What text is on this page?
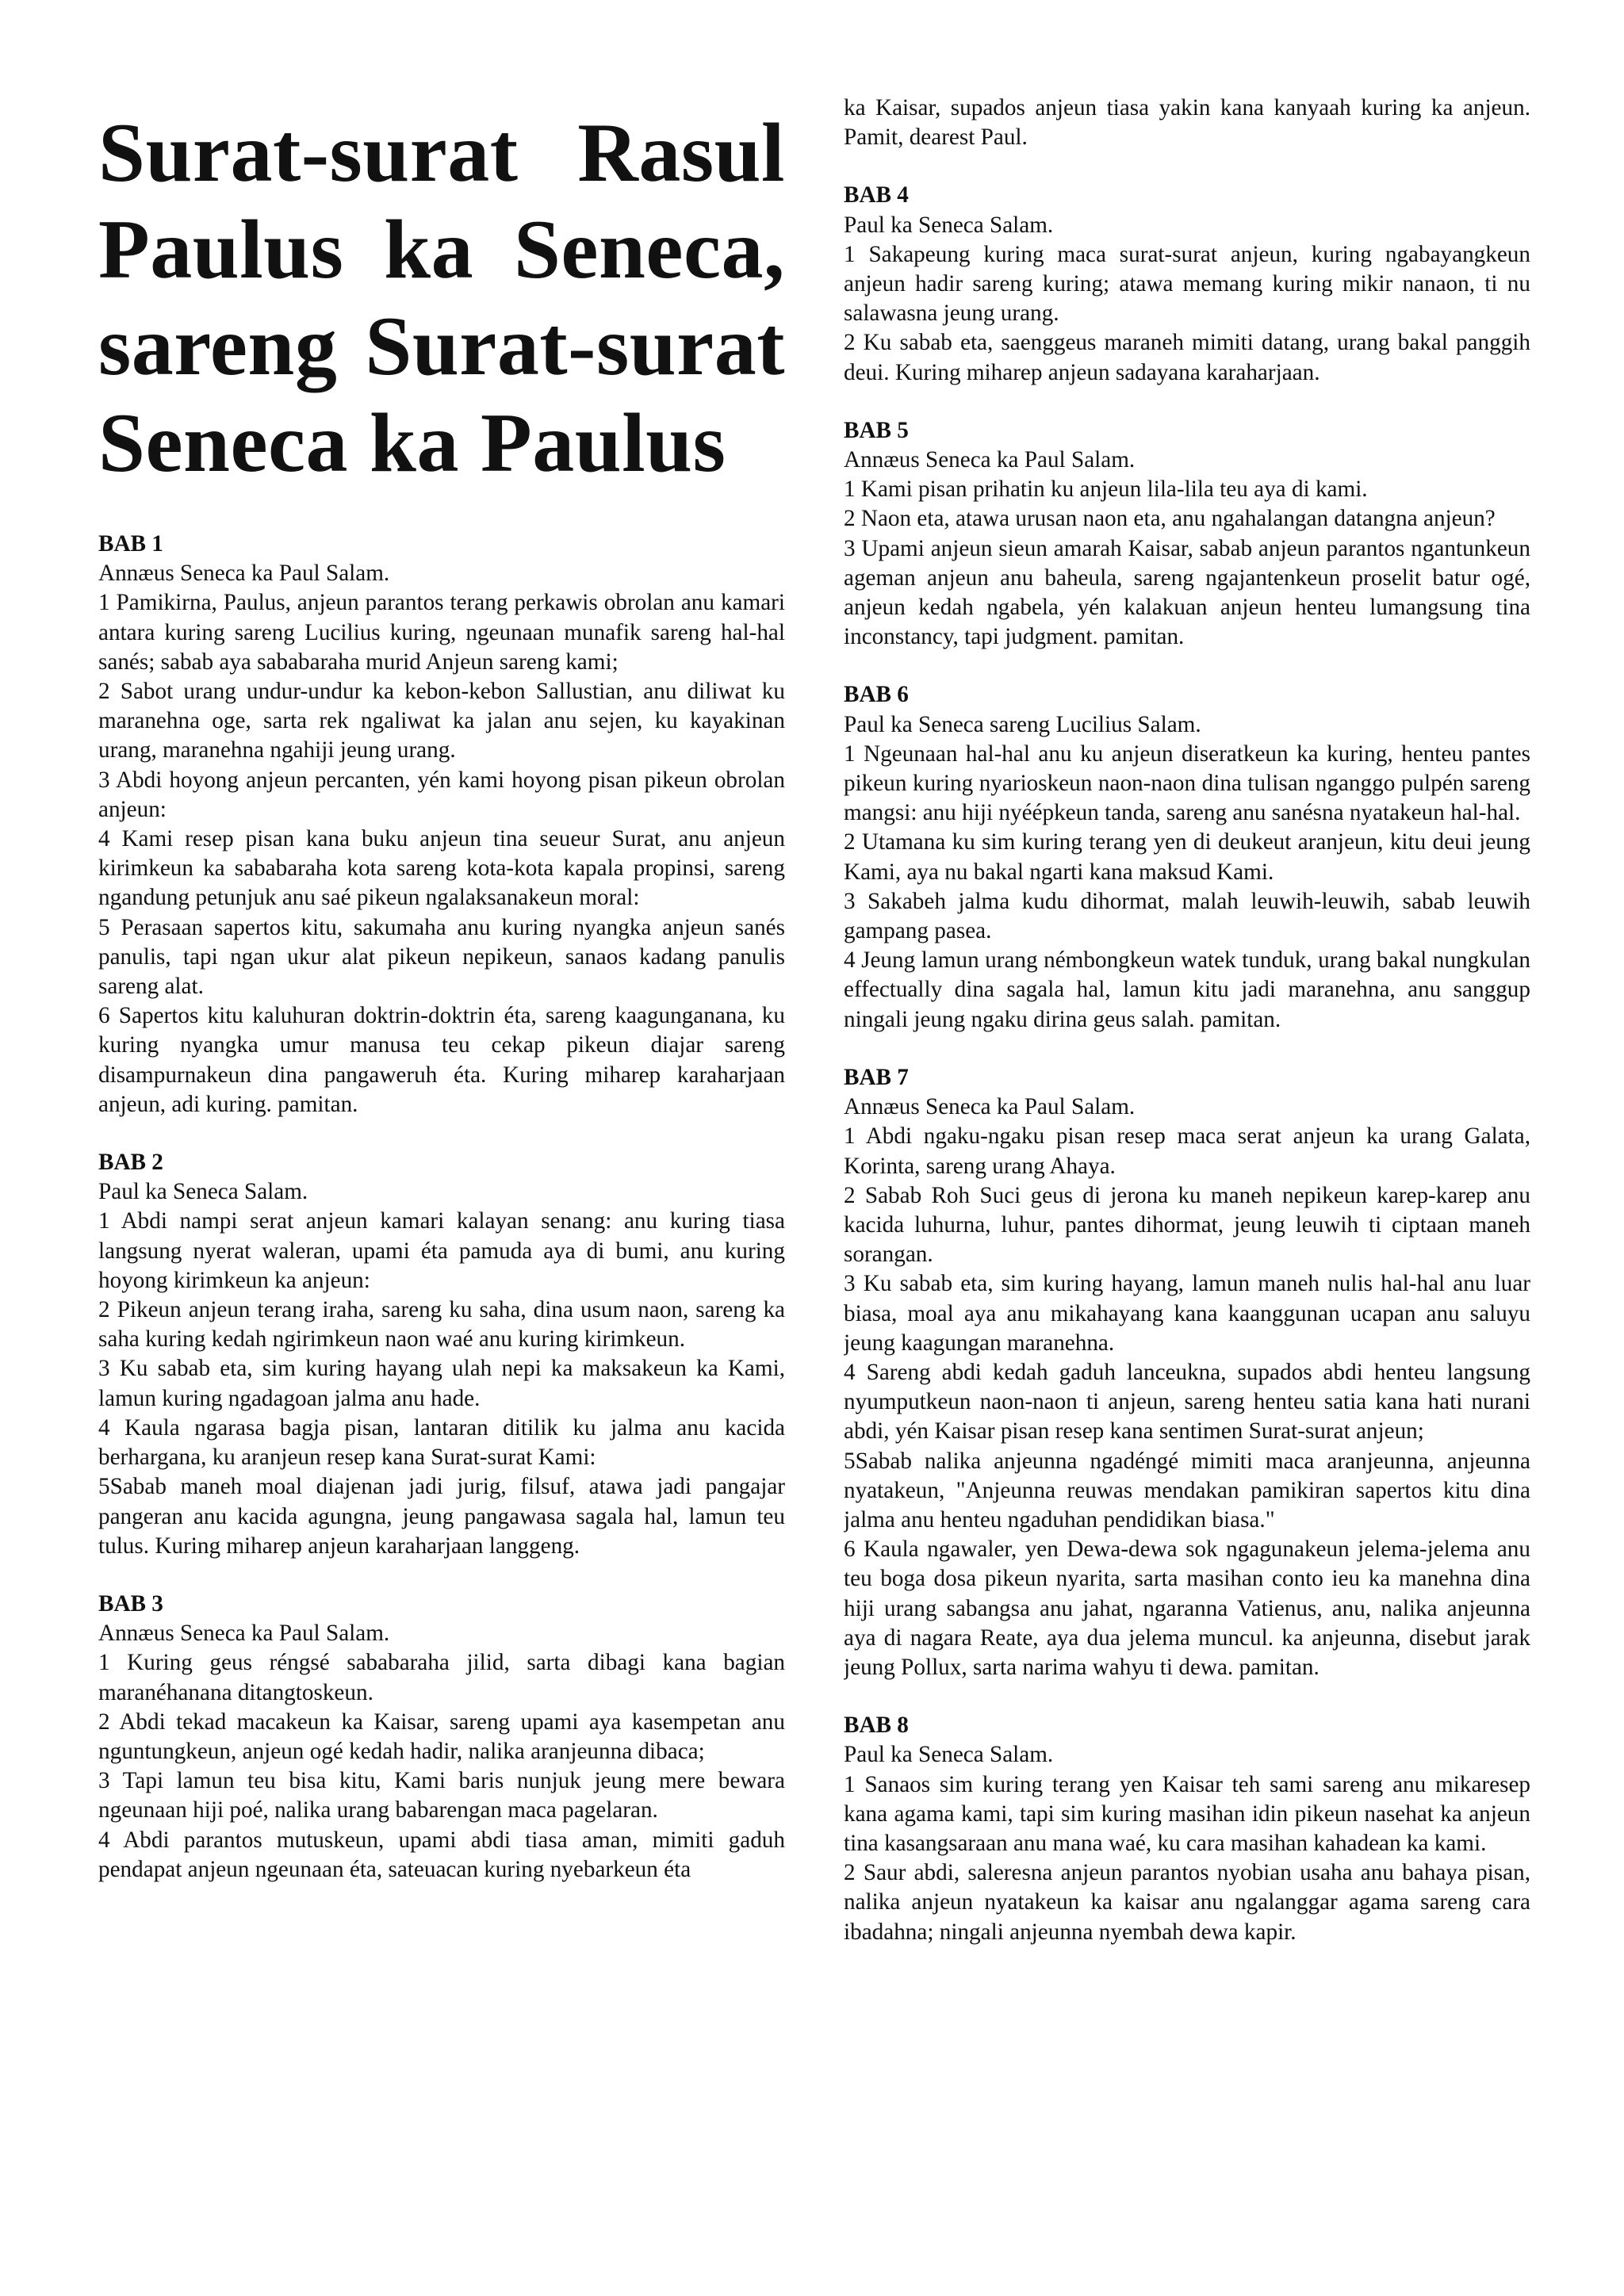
Surat-surat Rasul Paulus ka Seneca, sareng Surat-surat Seneca ka Paulus

BAB 1

Annæus Seneca ka Paul Salam.

1 Pamikirna, Paulus, anjeun parantos terang perkawis obrolan anu kamari antara kuring sareng Lucilius kuring, ngeunaan munafik sareng hal-hal sanés; sabab aya sababaraha murid Anjeun sareng kami;

2 Sabot urang undur-undur ka kebon-kebon Sallustian, anu diliwat ku maranehna oge, sarta rek ngaliwat ka jalan anu sejen, ku kayakinan urang, maranehna ngahiji jeung urang.

3 Abdi hoyong anjeun percanten, yén kami hoyong pisan pikeun obrolan anjeun:

4 Kami resep pisan kana buku anjeun tina seueur Surat, anu anjeun kirimkeun ka sababaraha kota sareng kota-kota kapala propinsi, sareng ngandung petunjuk anu saé pikeun ngalaksanakeun moral:

5 Perasaan sapertos kitu, sakumaha anu kuring nyangka anjeun sanés panulis, tapi ngan ukur alat pikeun nepikeun, sanaos kadang panulis sareng alat.

6 Sapertos kitu kaluhuran doktrin-doktrin éta, sareng kaagunganana, ku kuring nyangka umur manusa teu cekap pikeun diajar sareng disampurnakeun dina pangaweruh éta. Kuring miharep karaharjaan anjeun, adi kuring. pamitan.

BAB 2

Paul ka Seneca Salam.

1 Abdi nampi serat anjeun kamari kalayan senang: anu kuring tiasa langsung nyerat waleran, upami éta pamuda aya di bumi, anu kuring hoyong kirimkeun ka anjeun:

2 Pikeun anjeun terang iraha, sareng ku saha, dina usum naon, sareng ka saha kuring kedah ngirimkeun naon waé anu kuring kirimkeun.

3 Ku sabab eta, sim kuring hayang ulah nepi ka maksakeun ka Kami, lamun kuring ngadagoan jalma anu hade.

4 Kaula ngarasa bagja pisan, lantaran ditilik ku jalma anu kacida berhargana, ku aranjeun resep kana Surat-surat Kami:

5Sabab maneh moal diajenan jadi jurig, filsuf, atawa jadi pangajar pangeran anu kacida agungna, jeung pangawasa sagala hal, lamun teu tulus. Kuring miharep anjeun karaharjaan langgeng.

BAB 3

Annæus Seneca ka Paul Salam.

1 Kuring geus réngsé sababaraha jilid, sarta dibagi kana bagian maranéhanana ditangtoskeun.

2 Abdi tekad macakeun ka Kaisar, sareng upami aya kasempetan anu nguntungkeun, anjeun ogé kedah hadir, nalika aranjeunna dibaca;

3 Tapi lamun teu bisa kitu, Kami baris nunjuk jeung mere bewara ngeunaan hiji poé, nalika urang babarengan maca pagelaran.

4 Abdi parantos mutuskeun, upami abdi tiasa aman, mimiti gaduh pendapat anjeun ngeunaan éta, sateuacan kuring nyebarkeun éta

ka Kaisar, supados anjeun tiasa yakin kana kanyaah kuring ka anjeun. Pamit, dearest Paul.

BAB 4

Paul ka Seneca Salam.

1 Sakapeung kuring maca surat-surat anjeun, kuring ngabayangkeun anjeun hadir sareng kuring; atawa memang kuring mikir nanaon, ti nu salawasna jeung urang.

2 Ku sabab eta, saenggeus maraneh mimiti datang, urang bakal panggih deui. Kuring miharep anjeun sadayana karaharjaan.

BAB 5

Annæus Seneca ka Paul Salam.

1 Kami pisan prihatin ku anjeun lila-lila teu aya di kami.

2 Naon eta, atawa urusan naon eta, anu ngahalangan datangna anjeun?

3 Upami anjeun sieun amarah Kaisar, sabab anjeun parantos ngantunkeun ageman anjeun anu baheula, sareng ngajantenkeun proselit batur ogé, anjeun kedah ngabela, yén kalakuan anjeun henteu lumangsung tina inconstancy, tapi judgment. pamitan.

BAB 6

Paul ka Seneca sareng Lucilius Salam.

1 Ngeunaan hal-hal anu ku anjeun diseratkeun ka kuring, henteu pantes pikeun kuring nyarioskeun naon-naon dina tulisan nganggo pulpén sareng mangsi: anu hiji nyéépkeun tanda, sareng anu sanésna nyatakeun hal-hal.

2 Utamana ku sim kuring terang yen di deukeut aranjeun, kitu deui jeung Kami, aya nu bakal ngarti kana maksud Kami.

3 Sakabeh jalma kudu dihormat, malah leuwih-leuwih, sabab leuwih gampang pasea.

4 Jeung lamun urang némbongkeun watek tunduk, urang bakal nungkulan effectually dina sagala hal, lamun kitu jadi maranehna, anu sanggup ningali jeung ngaku dirina geus salah. pamitan.

BAB 7

Annæus Seneca ka Paul Salam.

1 Abdi ngaku-ngaku pisan resep maca serat anjeun ka urang Galata, Korinta, sareng urang Ahaya.

2 Sabab Roh Suci geus di jerona ku maneh nepikeun karep-karep anu kacida luhurna, luhur, pantes dihormat, jeung leuwih ti ciptaan maneh sorangan.

3 Ku sabab eta, sim kuring hayang, lamun maneh nulis hal-hal anu luar biasa, moal aya anu mikahayang kana kaanggunan ucapan anu saluyu jeung kaagungan maranehna.

4 Sareng abdi kedah gaduh lanceukna, supados abdi henteu langsung nyumputkeun naon-naon ti anjeun, sareng henteu satia kana hati nurani abdi, yén Kaisar pisan resep kana sentimen Surat-surat anjeun;

5Sabab nalika anjeunna ngadéngé mimiti maca aranjeunna, anjeunna nyatakeun, "Anjeunna reuwas mendakan pamikiran sapertos kitu dina jalma anu henteu ngaduhan pendidikan biasa."

6 Kaula ngawaler, yen Dewa-dewa sok ngagunakeun jelema-jelema anu teu boga dosa pikeun nyarita, sarta masihan conto ieu ka manehna dina hiji urang sabangsa anu jahat, ngaranna Vatienus, anu, nalika anjeunna aya di nagara Reate, aya dua jelema muncul. ka anjeunna, disebut jarak jeung Pollux, sarta narima wahyu ti dewa. pamitan.

BAB 8

Paul ka Seneca Salam.

1 Sanaos sim kuring terang yen Kaisar teh sami sareng anu mikaresep kana agama kami, tapi sim kuring masihan idin pikeun nasehat ka anjeun tina kasangsaraan anu mana waé, ku cara masihan kahadean ka kami.

2 Saur abdi, saleresna anjeun parantos nyobian usaha anu bahaya pisan, nalika anjeun nyatakeun ka kaisar anu ngalanggar agama sareng cara ibadahna; ningali anjeunna nyembah dewa kapir.
